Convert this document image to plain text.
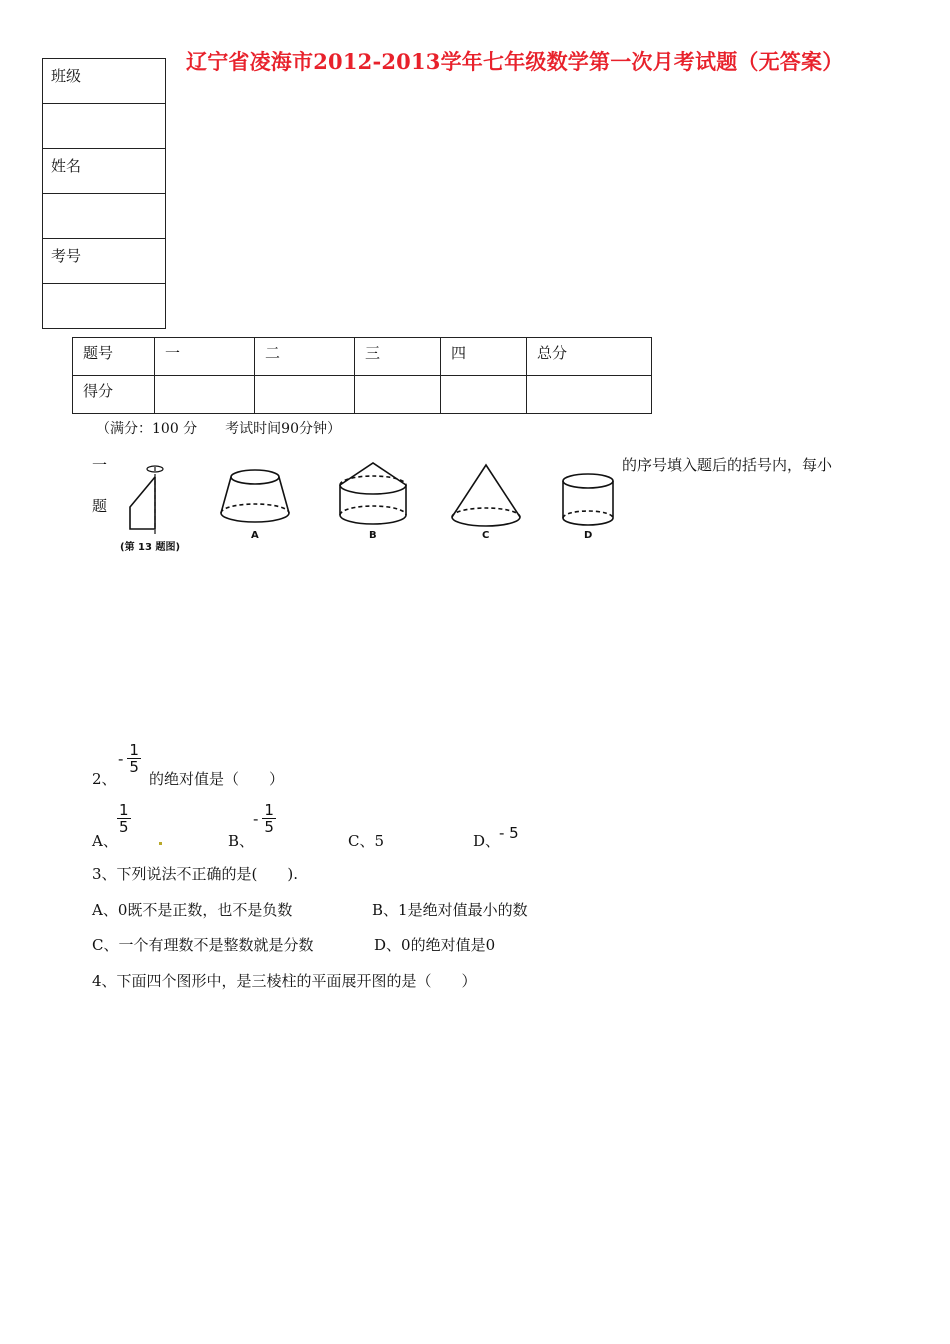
辽宁省凌海市2012-2013学年七年级数学第一次月考试题（无答案）
班级

姓名

考号

题号	一	二	三	四	总分
得分					
（满分：100 分　　考试时间90分钟）
一	的序号填入题后的括号内，每小
题
(第 13 题图)
A	B	C	D
2、
- $\frac{1}{5}$
的绝对值是（　　）
A、
$\frac{1}{5}$
B、
- $\frac{1}{5}$
C、5	D、
- 5
3、下列说法不正确的是(　　).
A、0既不是正数，也不是负数	B、1是绝对值最小的数
C、一个有理数不是整数就是分数	D、0的绝对值是0
4、下面四个图形中，是三棱柱的平面展开图的是（　　）
